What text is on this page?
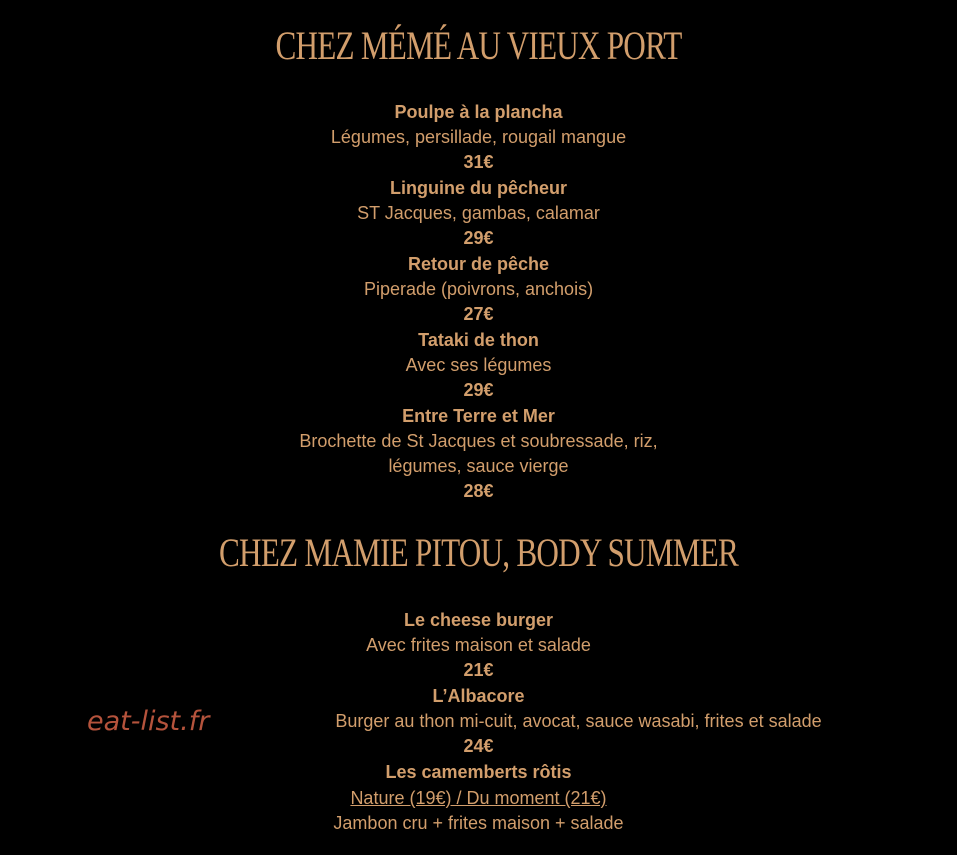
CHEZ MÉMÉ AU VIEUX PORT
Poulpe à la plancha
Légumes, persillade, rougail mangue
31€
Linguine du pêcheur
ST Jacques, gambas, calamar
29€
Retour de pêche
Piperade (poivrons, anchois)
27€
Tataki de thon
Avec ses légumes
29€
Entre Terre et Mer
Brochette de St Jacques et soubressade, riz,
légumes, sauce vierge
28€
CHEZ MAMIE PITOU, BODY SUMMER
Le cheese burger
Avec frites maison et salade
21€
L’Albacore
Burger au thon mi-cuit, avocat, sauce wasabi, frites et salade
24€
Les camemberts rôtis
Nature (19€) / Du moment (21€)
Jambon cru + frites maison + salade
eat-list.fr
